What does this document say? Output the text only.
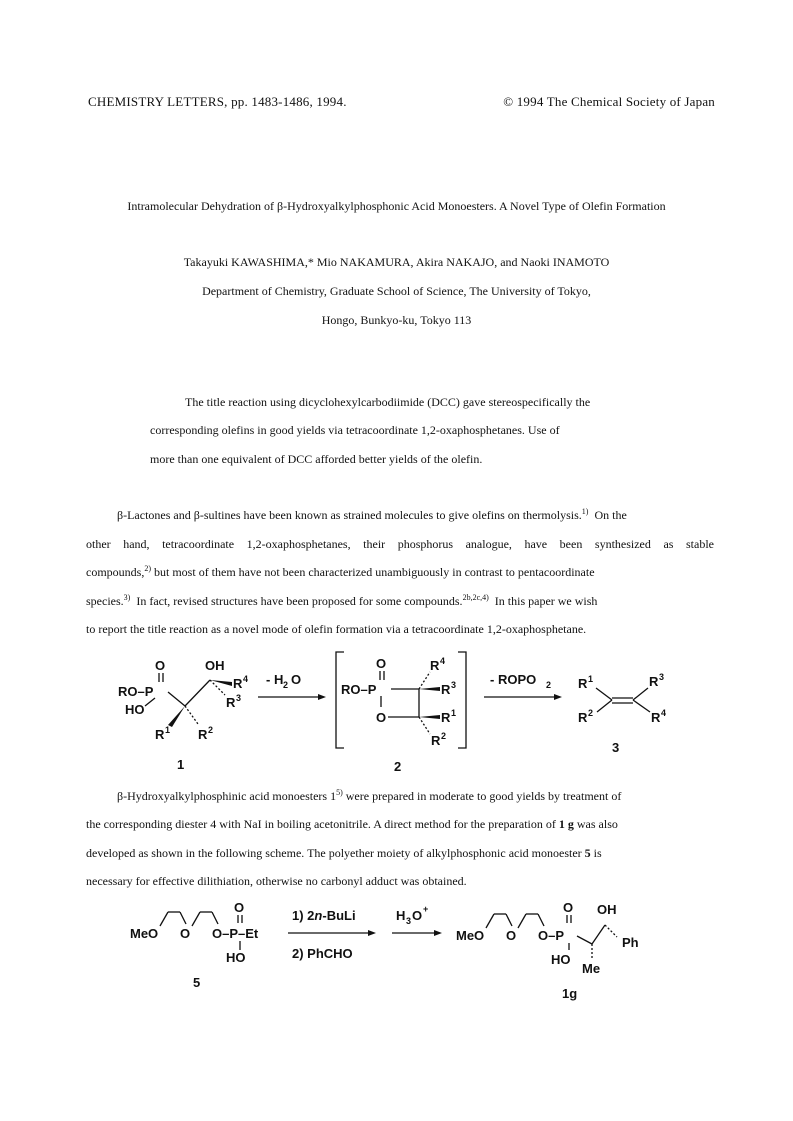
CHEMISTRY LETTERS, pp. 1483-1486, 1994.	© 1994 The Chemical Society of Japan
Intramolecular Dehydration of β-Hydroxyalkylphosphonic Acid Monoesters. A Novel Type of Olefin Formation
Takayuki KAWASHIMA,* Mio NAKAMURA, Akira NAKAJO, and Naoki INAMOTO
Department of Chemistry, Graduate School of Science, The University of Tokyo,
Hongo, Bunkyo-ku, Tokyo 113
The title reaction using dicyclohexylcarbodiimide (DCC) gave stereospecifically the
corresponding olefins in good yields via tetracoordinate 1,2-oxaphosphetanes. Use of
more than one equivalent of DCC afforded better yields of the olefin.
β-Lactones and β-sultines have been known as strained molecules to give olefins on thermolysis.$^{1)}$ On the
other hand, tetracoordinate 1,2-oxaphosphetanes, their phosphorus analogue, have been synthesized as stable
compounds,$^{2)}$ but most of them have not been characterized unambiguously in contrast to pentacoordinate
species.$^{3)}$ In fact, revised structures have been proposed for some compounds.$^{2b,2c,4)}$ In this paper we wish
to report the title reaction as a novel mode of olefin formation via a tetracoordinate 1,2-oxaphosphetane.
O
RO–P
HO
OH
R 4
R 3
R 1 R 2
1
- H 2 O
O
RO–P
O
R 4
R 3
R 1
R 2
2
- ROPO 2 R 1	R 3
R 2	R 4
3
β-Hydroxyalkylphosphinic acid monoesters 1$^{5)}$ were prepared in moderate to good yields by treatment of
the corresponding diester 4 with NaI in boiling acetonitrile. A direct method for the preparation of 1 g was also
developed as shown in the following scheme. The polyether moiety of alkylphosphonic acid monoester 5 is
necessary for effective dilithiation, otherwise no carbonyl adduct was obtained.
MeO O
O
O–P–Et
HO
5
1) 2n-BuLi
2) PhCHO
H 3 O +
MeO O
O
O–P
HO
OH
Ph
Me
1g
